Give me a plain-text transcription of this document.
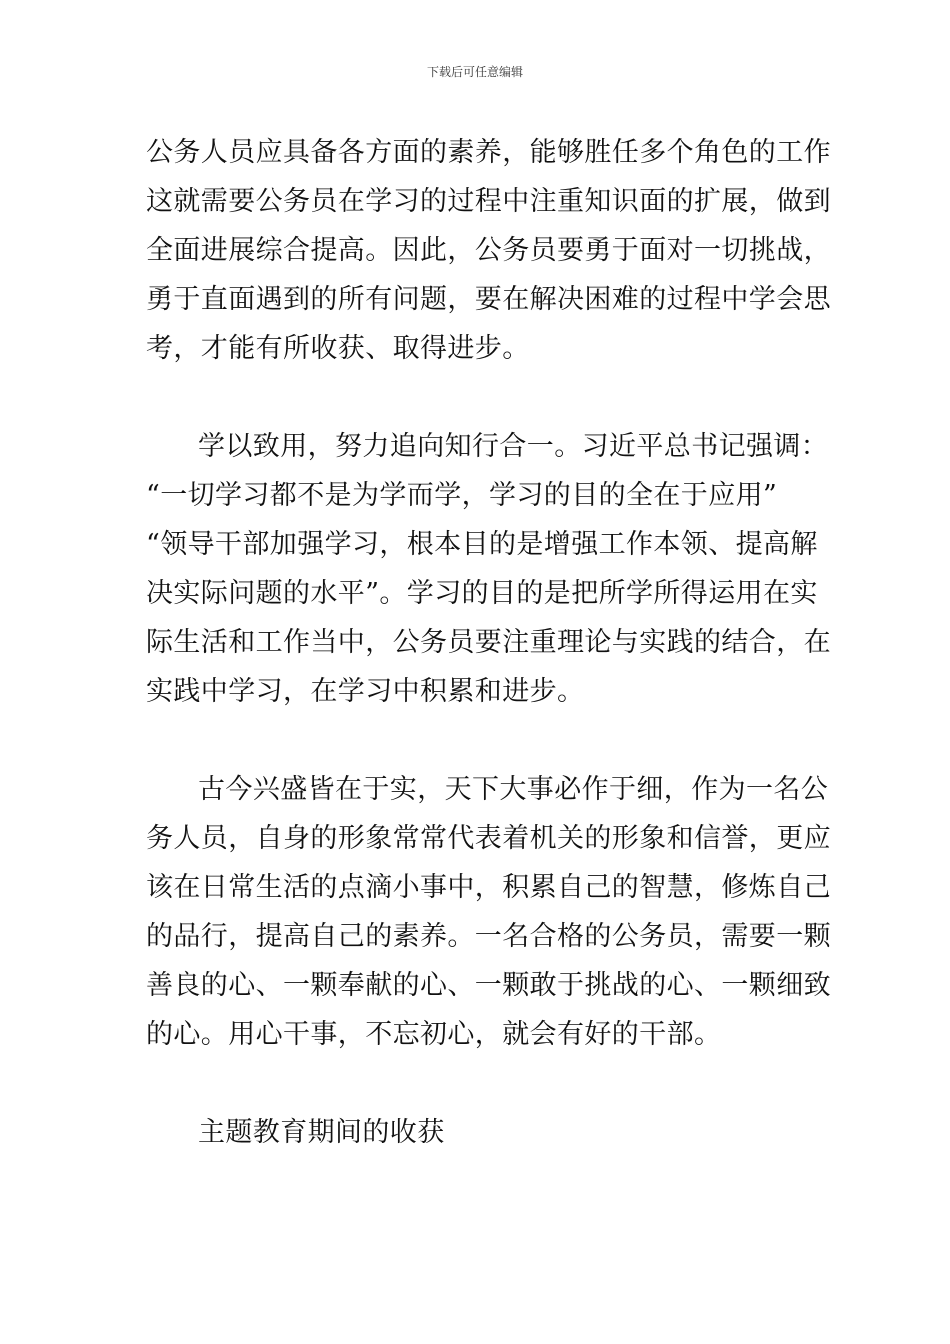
下载后可任意编辑
公务人员应具备各方面的素养，能够胜任多个角色的工作
这就需要公务员在学习的过程中注重知识面的扩展，做到
全面进展综合提高。因此，公务员要勇于面对一切挑战，
勇于直面遇到的所有问题，要在解决困难的过程中学会思
考，才能有所收获、取得进步。
学以致用，努力追向知行合一。习近平总书记强调：
“一切学习都不是为学而学，学习的目的全在于应用”
“领导干部加强学习，根本目的是增强工作本领、提高解
决实际问题的水平”。学习的目的是把所学所得运用在实
际生活和工作当中，公务员要注重理论与实践的结合，在
实践中学习，在学习中积累和进步。
古今兴盛皆在于实，天下大事必作于细，作为一名公
务人员，自身的形象常常代表着机关的形象和信誉，更应
该在日常生活的点滴小事中，积累自己的智慧，修炼自己
的品行，提高自己的素养。一名合格的公务员，需要一颗
善良的心、一颗奉献的心、一颗敢于挑战的心、一颗细致
的心。用心干事，不忘初心，就会有好的干部。
主题教育期间的收获
